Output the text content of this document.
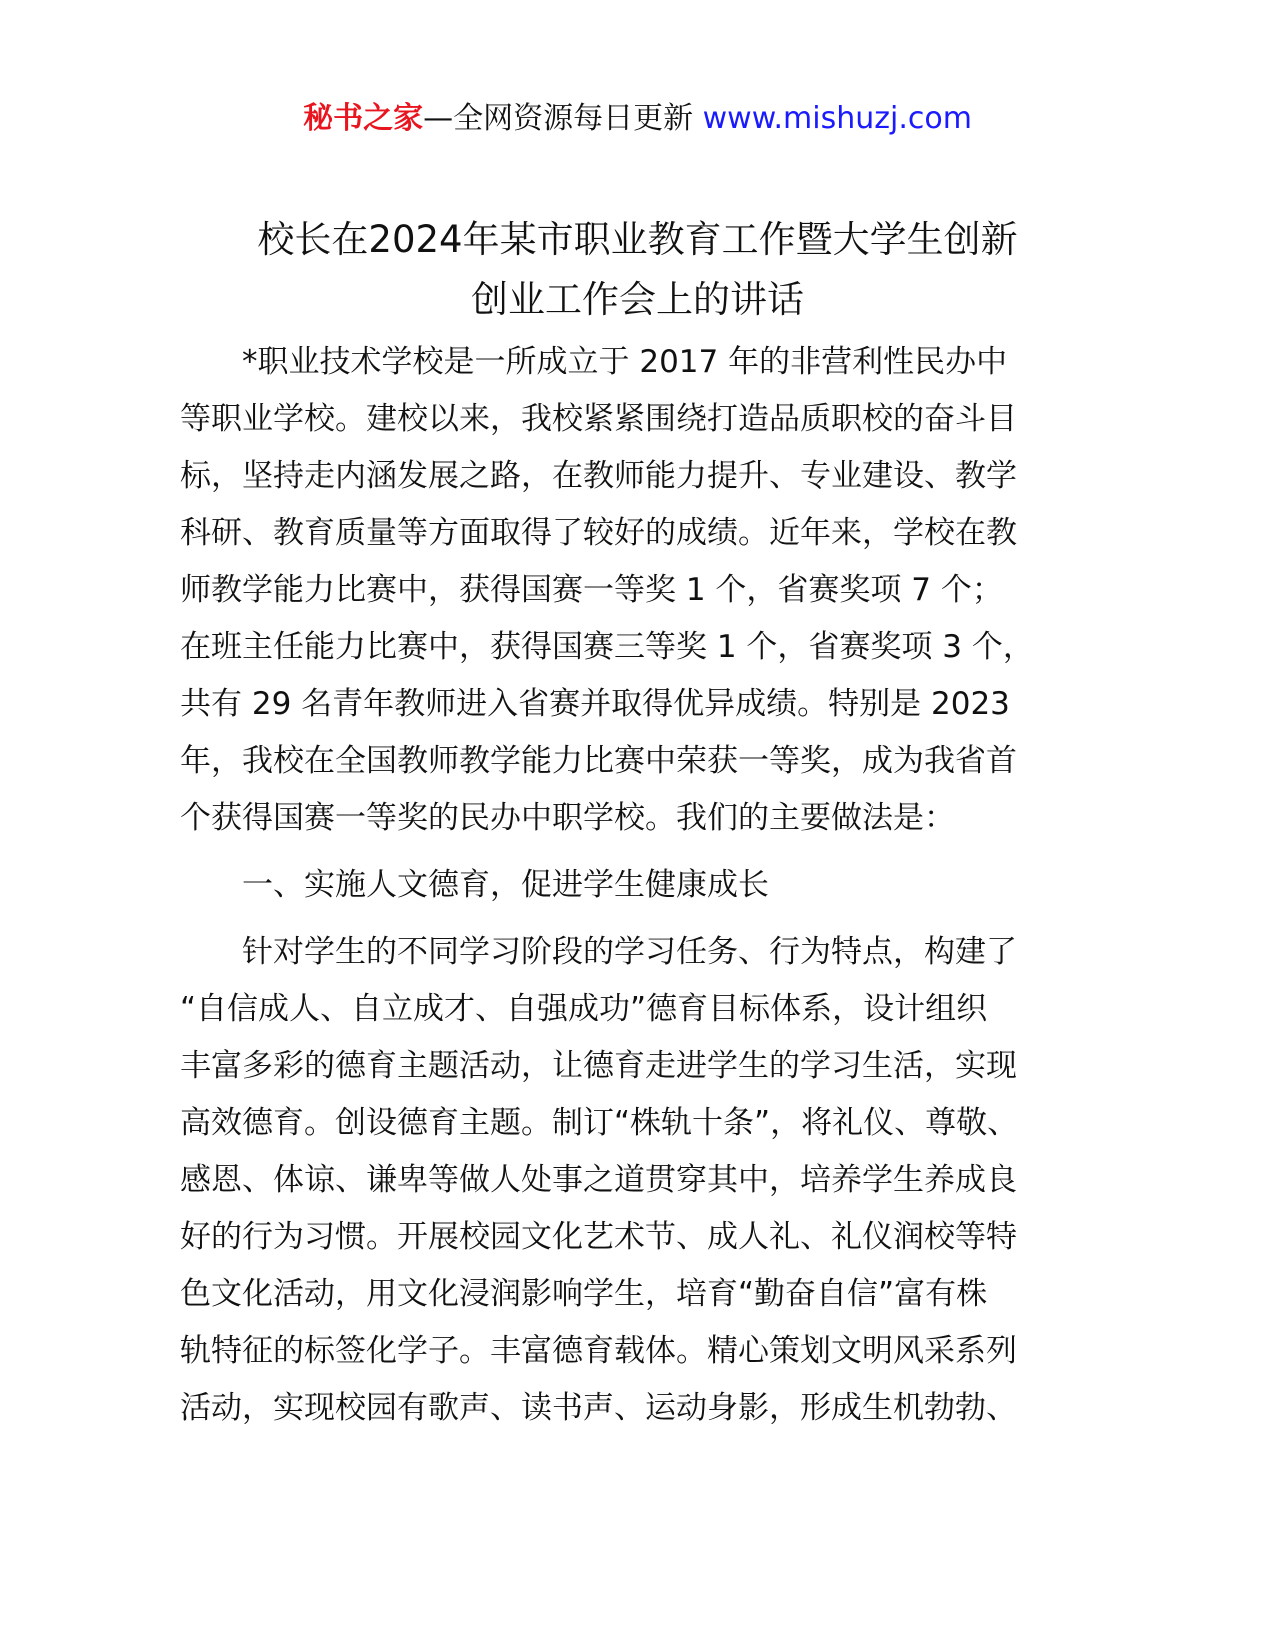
秘书之家—全网资源每日更新 www.mishuzj.com
校长在2024年某市职业教育工作暨大学生创新
创业工作会上的讲话
　　*职业技术学校是一所成立于 2017 年的非营利性民办中
等职业学校。建校以来，我校紧紧围绕打造品质职校的奋斗目
标，坚持走内涵发展之路，在教师能力提升、专业建设、教学
科研、教育质量等方面取得了较好的成绩。近年来，学校在教
师教学能力比赛中，获得国赛一等奖 1 个，省赛奖项 7 个；
在班主任能力比赛中，获得国赛三等奖 1 个，省赛奖项 3 个，
共有 29 名青年教师进入省赛并取得优异成绩。特别是 2023
年，我校在全国教师教学能力比赛中荣获一等奖，成为我省首
个获得国赛一等奖的民办中职学校。我们的主要做法是：
　　一、实施人文德育，促进学生健康成长
　　针对学生的不同学习阶段的学习任务、行为特点，构建了
“自信成人、自立成才、自强成功”德育目标体系，设计组织
丰富多彩的德育主题活动，让德育走进学生的学习生活，实现
高效德育。创设德育主题。制订“株轨十条”，将礼仪、尊敬、
感恩、体谅、谦卑等做人处事之道贯穿其中，培养学生养成良
好的行为习惯。开展校园文化艺术节、成人礼、礼仪润校等特
色文化活动，用文化浸润影响学生，培育“勤奋自信”富有株
轨特征的标签化学子。丰富德育载体。精心策划文明风采系列
活动，实现校园有歌声、读书声、运动身影，形成生机勃勃、
